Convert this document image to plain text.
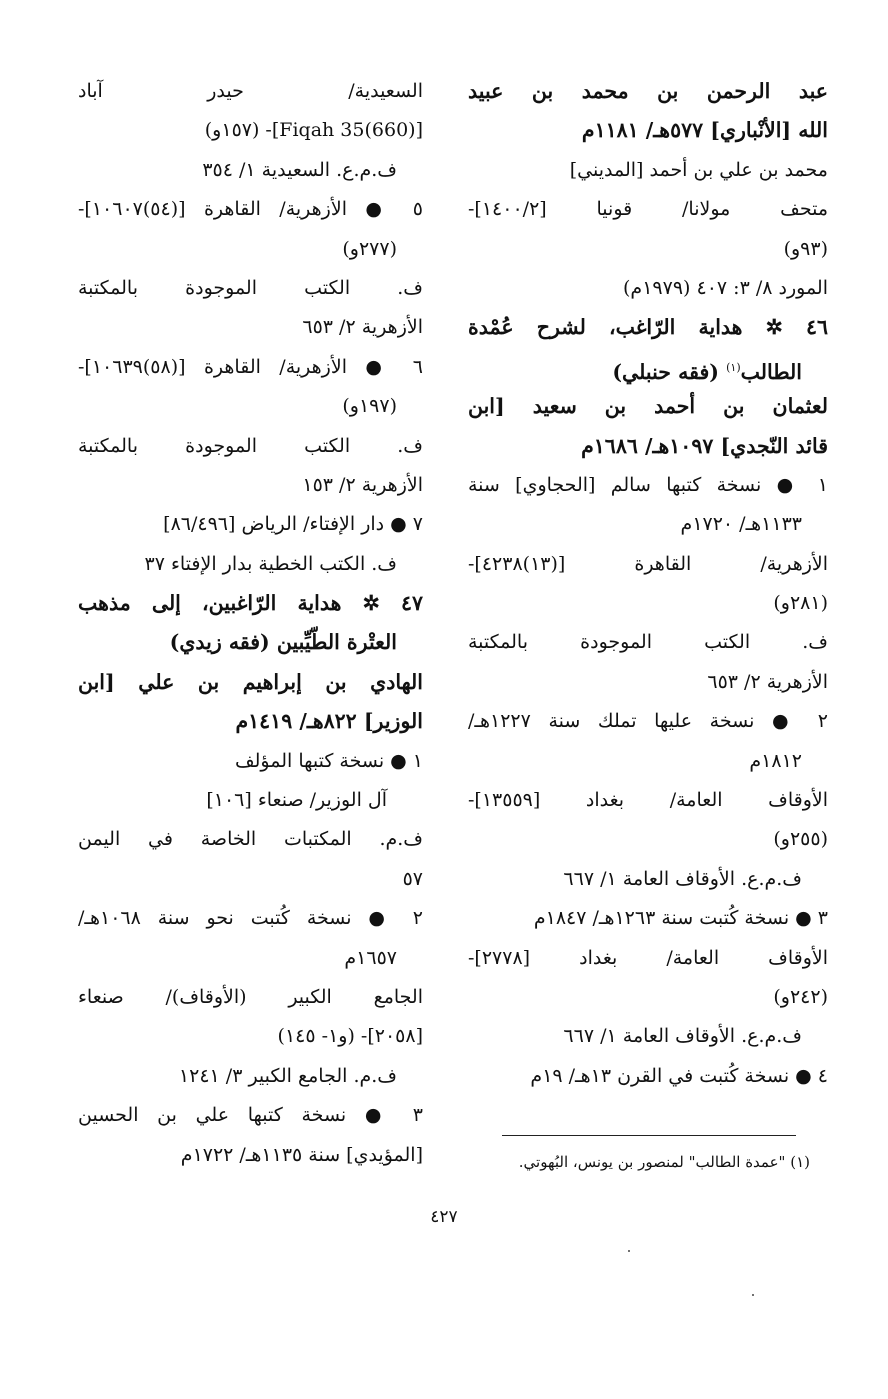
عبد الرحمن بن محمد بن عبيد
الله [الأنْباري] ٥٧٧هـ/ ١١٨١م
محمد بن علي بن أحمد [المديني]
متحف مولانا/ قونيا [١٤٠٠/٢]-
(٩٣و)
المورد ٨/ ٣: ٤٠٧ (١٩٧٩م)
٤٦ ✲ هداية الرّاغب، لشرح عُمْدة
الطالب$^{(١)}$ (فقه حنبلي)
لعثمان بن أحمد بن سعيد [ابن
قائد النّجدي] ١٠٩٧هـ/ ١٦٨٦م
١ ● نسخة كتبها سالم [الحجاوي] سنة
١١٣٣هـ/ ١٧٢٠م
الأزهرية/ القاهرة [(١٣)٤٢٣٨]-
(٢٨١و)
ف. الكتب الموجودة بالمكتبة
الأزهرية ٢/ ٦٥٣
٢ ● نسخة عليها تملك سنة ١٢٢٧هـ/
١٨١٢م
الأوقاف العامة/ بغداد [١٣٥٥٩]-
(٢٥٥و)
ف.م.ع. الأوقاف العامة ١/ ٦٦٧
٣ ● نسخة كُتبت سنة ١٢٦٣هـ/ ١٨٤٧م
الأوقاف العامة/ بغداد [٢٧٧٨]-
(٢٤٢و)
ف.م.ع. الأوقاف العامة ١/ ٦٦٧
٤ ● نسخة كُتبت في القرن ١٣هـ/ ١٩م
السعيدية/ حيدر آباد
[(660)Fiqah 35]- (١٥٧و)
ف.م.ع. السعيدية ١/ ٣٥٤
٥ ● الأزهرية/ القاهرة [(٥٤)١٠٦٠٧]-
(٢٧٧و)
ف. الكتب الموجودة بالمكتبة
الأزهرية ٢/ ٦٥٣
٦ ● الأزهرية/ القاهرة [(٥٨)١٠٦٣٩]-
(١٩٧و)
ف. الكتب الموجودة بالمكتبة
الأزهرية ٢/ ١٥٣
٧ ● دار الإفتاء/ الرياض [٨٦/٤٩٦]
ف. الكتب الخطية بدار الإفتاء ٣٧
٤٧ ✲ هداية الرّاغبين، إلى مذهب
العتْرة الطّيِّبين (فقه زيدي)
الهادي بن إبراهيم بن علي [ابن
الوزير] ٨٢٢هـ/ ١٤١٩م
١ ● نسخة كتبها المؤلف
آل الوزير/ صنعاء [١٠٦]
ف.م. المكتبات الخاصة في اليمن
٥٧
٢ ● نسخة كُتبت نحو سنة ١٠٦٨هـ/
١٦٥٧م
الجامع الكبير (الأوقاف)/ صنعاء
[٢٠٥٨]- (و١- ١٤٥)
ف.م. الجامع الكبير ٣/ ١٢٤١
٣ ● نسخة كتبها علي بن الحسين
[المؤيدي] سنة ١١٣٥هـ/ ١٧٢٢م	(١) "عمدة الطالب" لمنصور بن يونس، البُهوتي.
٤٢٧
